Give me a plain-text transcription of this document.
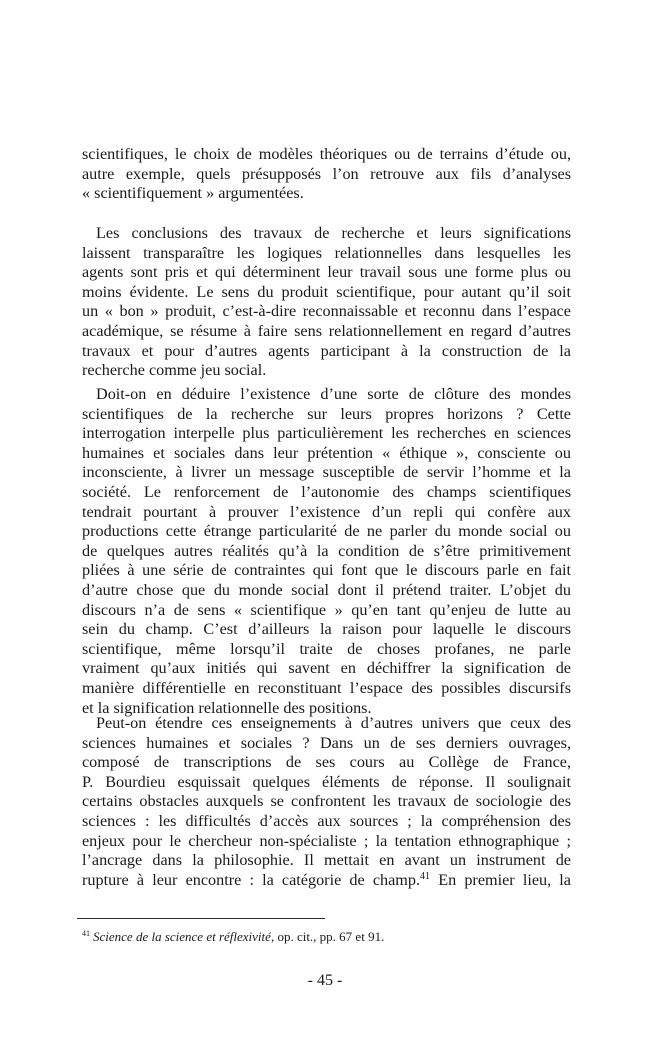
scientifiques, le choix de modèles théoriques ou de terrains d’étude ou,
autre exemple, quels présupposés l’on retrouve aux fils d’analyses
« scientifiquement » argumentées.
Les conclusions des travaux de recherche et leurs significations
laissent transparaître les logiques relationnelles dans lesquelles les
agents sont pris et qui déterminent leur travail sous une forme plus ou
moins évidente. Le sens du produit scientifique, pour autant qu’il soit
un « bon » produit, c’est-à-dire reconnaissable et reconnu dans l’espace
académique, se résume à faire sens relationnellement en regard d’autres
travaux et pour d’autres agents participant à la construction de la
recherche comme jeu social.
Doit-on en déduire l’existence d’une sorte de clôture des mondes
scientifiques de la recherche sur leurs propres horizons ? Cette
interrogation interpelle plus particulièrement les recherches en sciences
humaines et sociales dans leur prétention « éthique », consciente ou
inconsciente, à livrer un message susceptible de servir l’homme et la
société. Le renforcement de l’autonomie des champs scientifiques
tendrait pourtant à prouver l’existence d’un repli qui confère aux
productions cette étrange particularité de ne parler du monde social ou
de quelques autres réalités qu’à la condition de s’être primitivement
pliées à une série de contraintes qui font que le discours parle en fait
d’autre chose que du monde social dont il prétend traiter. L’objet du
discours n’a de sens « scientifique » qu’en tant qu’enjeu de lutte au
sein du champ. C’est d’ailleurs la raison pour laquelle le discours
scientifique, même lorsqu’il traite de choses profanes, ne parle
vraiment qu’aux initiés qui savent en déchiffrer la signification de
manière différentielle en reconstituant l’espace des possibles discursifs
et la signification relationnelle des positions.
Peut-on étendre ces enseignements à d’autres univers que ceux des
sciences humaines et sociales ? Dans un de ses derniers ouvrages,
composé de transcriptions de ses cours au Collège de France,
P. Bourdieu esquissait quelques éléments de réponse. Il soulignait
certains obstacles auxquels se confrontent les travaux de sociologie des
sciences : les difficultés d’accès aux sources ; la compréhension des
enjeux pour le chercheur non-spécialiste ; la tentation ethnographique ;
l’ancrage dans la philosophie. Il mettait en avant un instrument de
rupture à leur encontre : la catégorie de champ.$^{41}$ En premier lieu, la
$^{41}$ Science de la science et réflexivité, op. cit., pp. 67 et 91.
- 45 -
